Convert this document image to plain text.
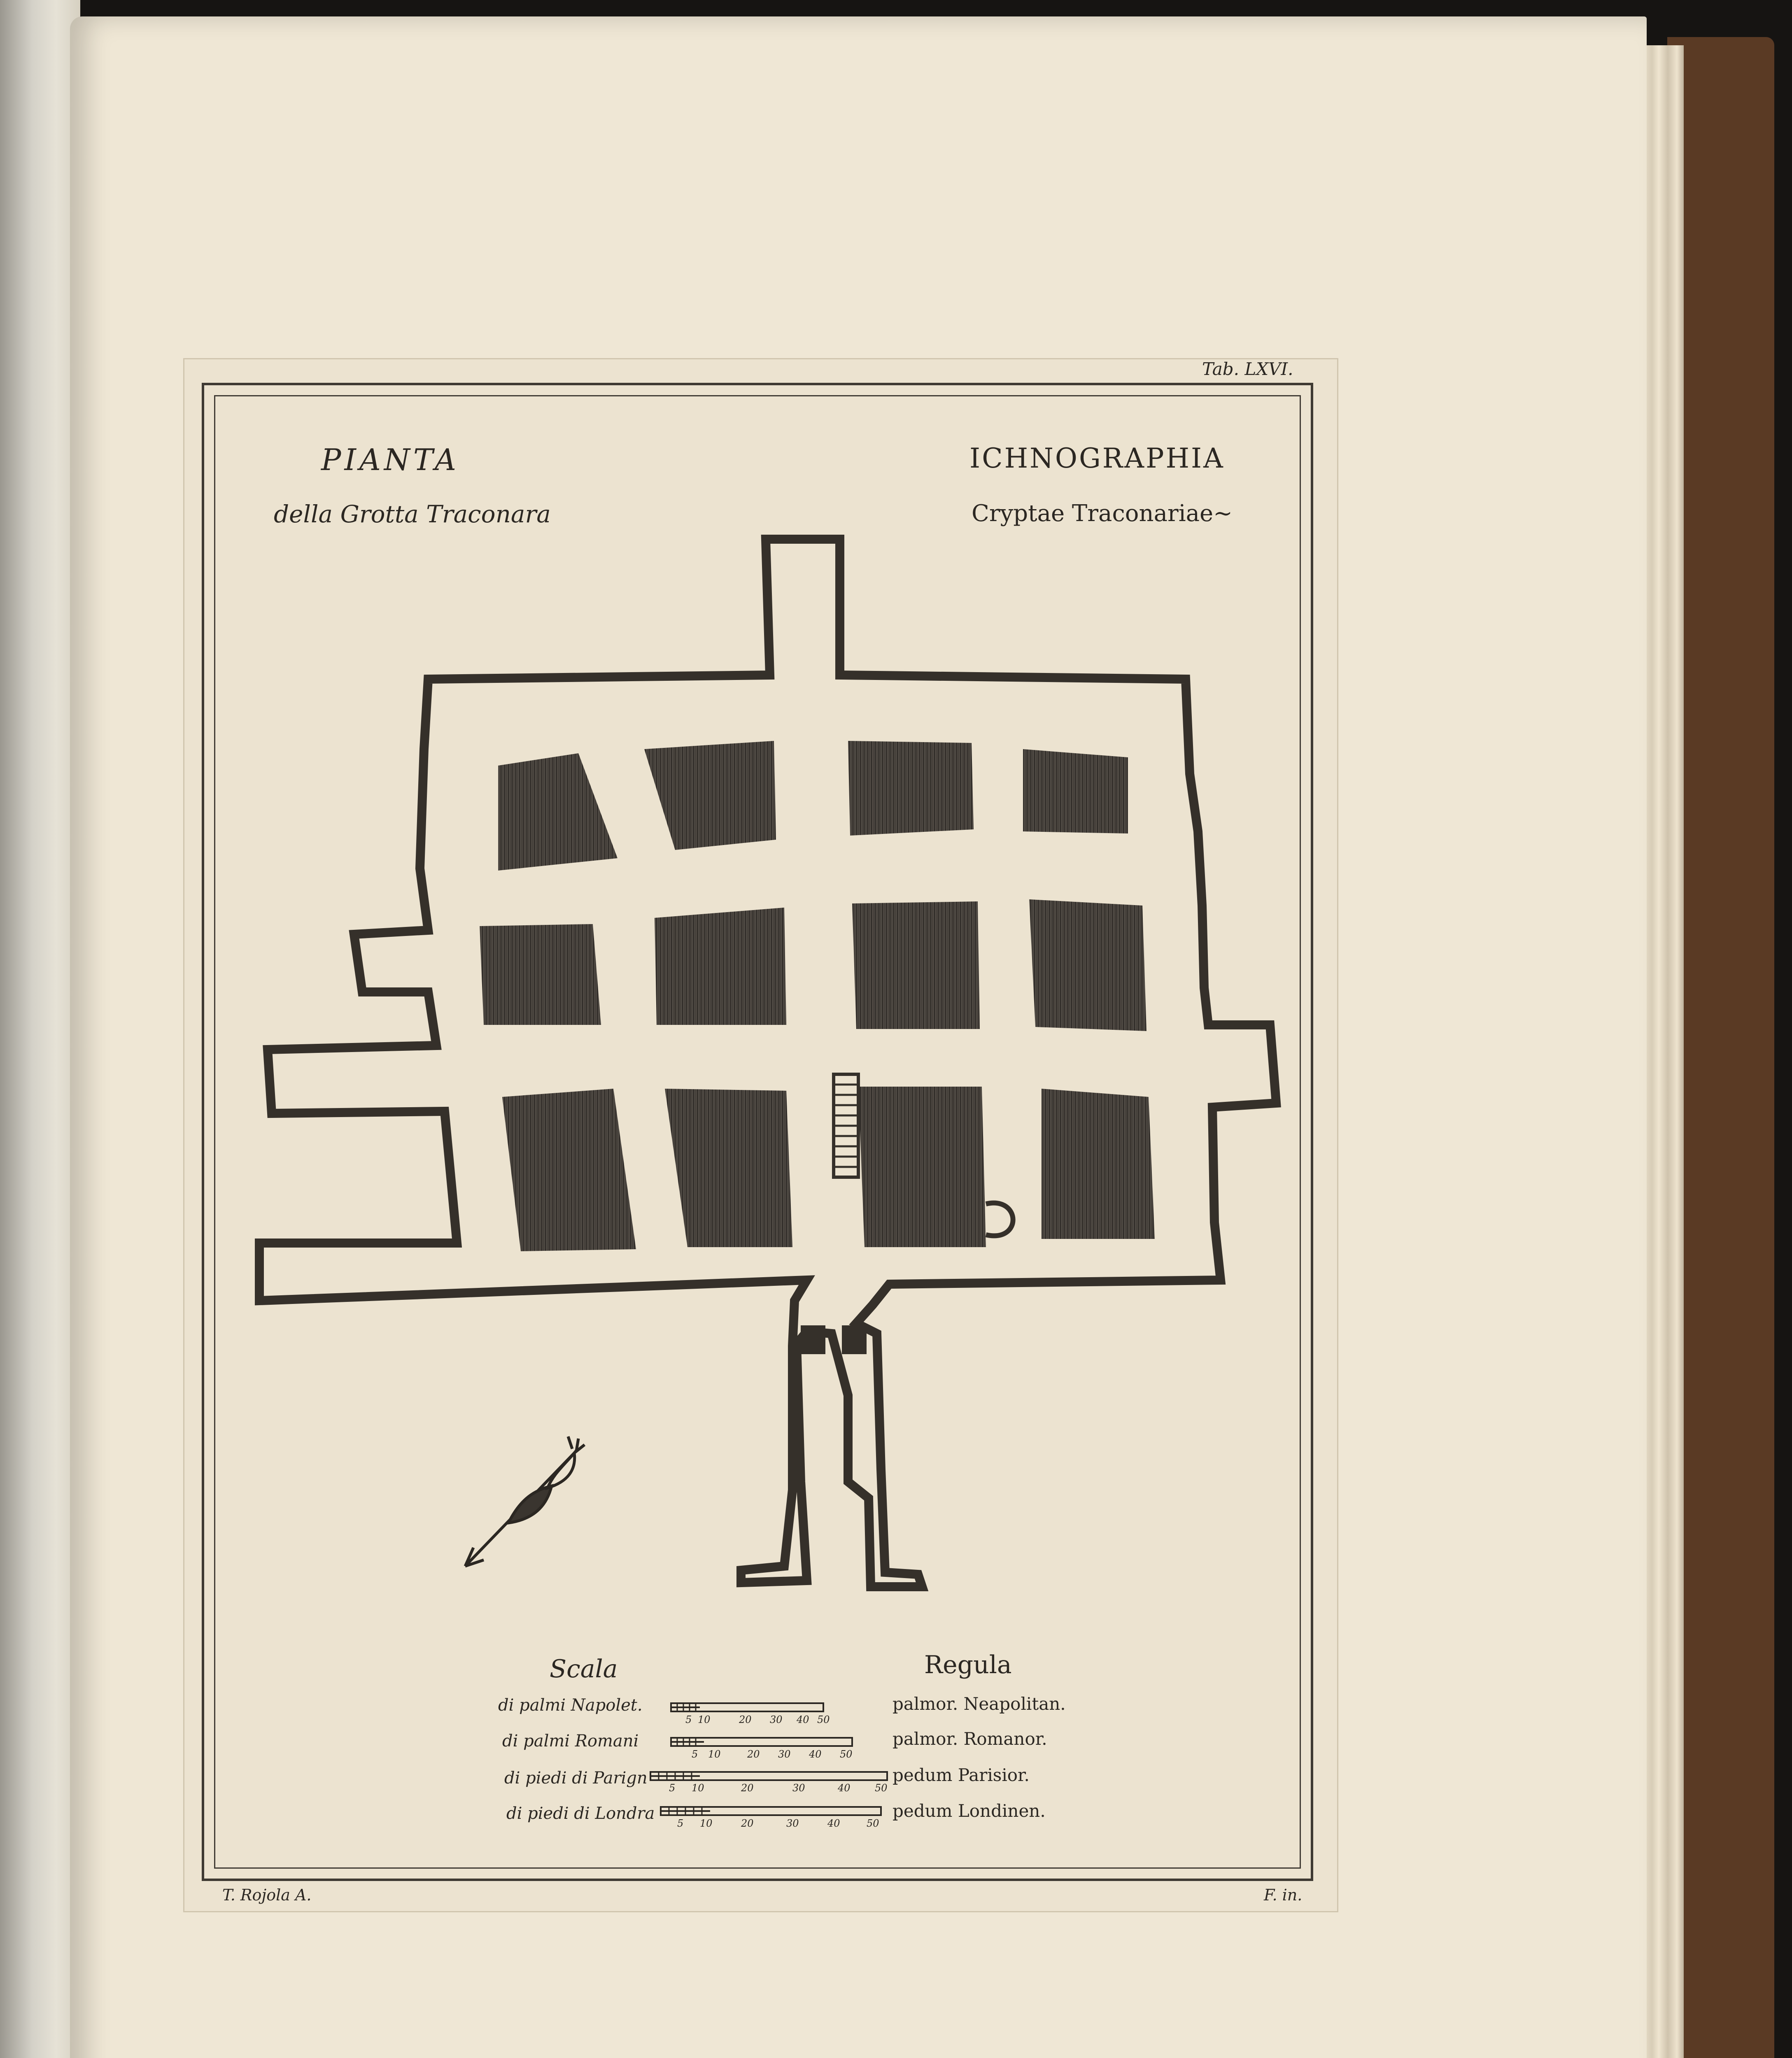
Tab. LXVI.
PIANTA
della Grotta Traconara
ICHNOGRAPHIA
Cryptae Traconariae~
5 10	20 30 40 50
5 10	20 30 40 50
5 10	20	30	40 50
5 10	20	30	40	50
Scala	Regula
di palmi Napolet.	palmor. Neapolitan.
di palmi Romani	palmor. Romanor.
di piedi di Parign	pedum Parisior.
di piedi di Londra	pedum Londinen.
T. Rojola A.	F. in.
